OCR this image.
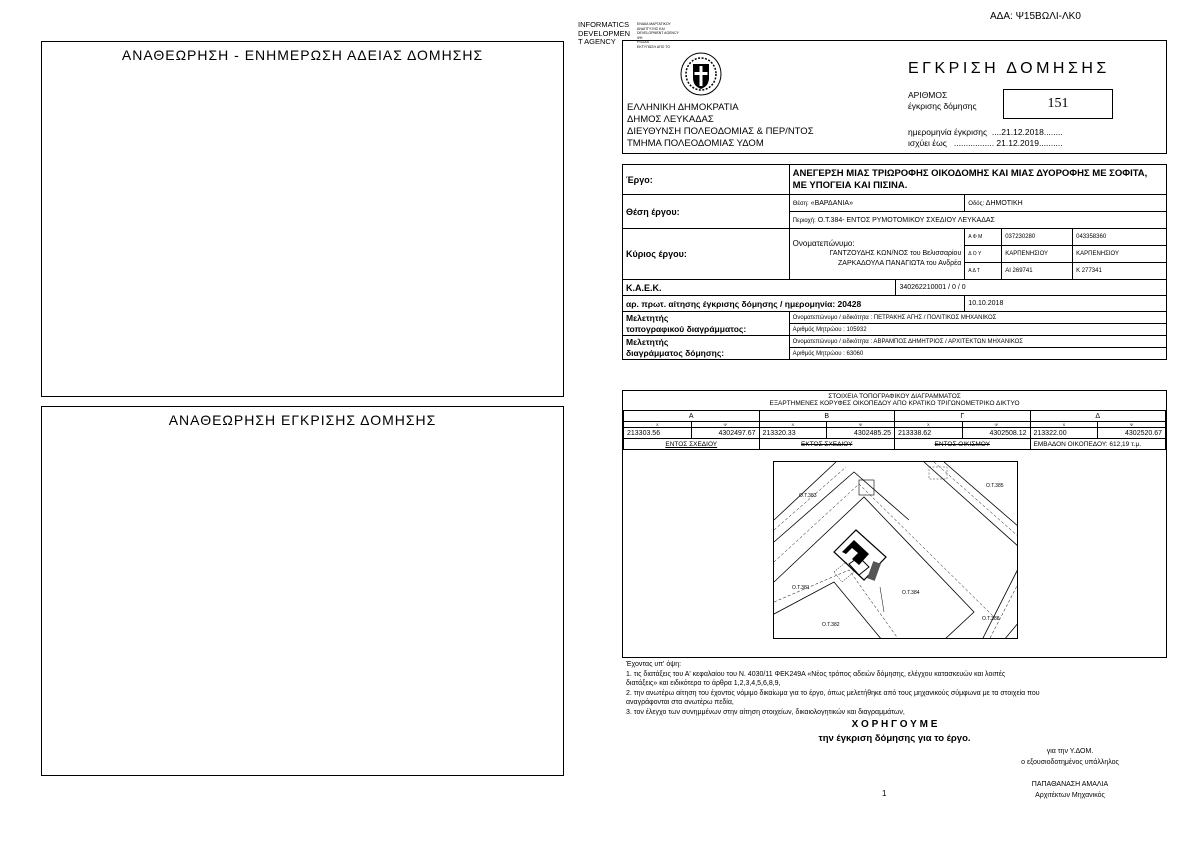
ΑΔΑ: Ψ15ΒΩΛΙ-ΛΚ0
ΑΝΑΘΕΩΡΗΣΗ - ΕΝΗΜΕΡΩΣΗ ΑΔΕΙΑΣ ΔΟΜΗΣΗΣ
ΑΝΑΘΕΩΡΗΣΗ ΕΓΚΡΙΣΗΣ ΔΟΜΗΣΗΣ
INFORMATICS
DEVELOPMEN
T AGENCY
ΕΝΙΑΙΑ ΜΑΡΓΑΤΙΚΟΥ
ΑΝΑΠΤΥΞΗΣ ΚΑΙ
DEVELOPMENT AGENCY
ΨΗ
PSGAS
ΕΚΤΥΠΩΣΗ ΑΠΟ ΤΟ
ΕΛΛΗΝΙΚΗ ΔΗΜΟΚΡΑΤΙΑ
ΔΗΜΟΣ ΛΕΥΚΑΔΑΣ
ΔΙΕΥΘΥΝΣΗ ΠΟΛΕΟΔΟΜΙΑΣ & ΠΕΡ/ΝΤΟΣ
ΤΜΗΜΑ ΠΟΛΕΟΔΟΜΙΑΣ ΥΔΟΜ
ΕΓΚΡΙΣΗ ΔΟΜΗΣΗΣ
ΑΡΙΘΜΟΣ
έγκρισης δόμησης	151
ημερομηνία έγκρισης ....21.12.2018........
ισχύει έως ................. 21.12.2019..........
Έργο:	ΑΝΕΓΕΡΣΗ ΜΙΑΣ ΤΡΙΩΡΟΦΗΣ ΟΙΚΟΔΟΜΗΣ ΚΑΙ ΜΙΑΣ ΔΥΟΡΟΦΗΣ ΜΕ ΣΟΦΙΤΑ, ΜΕ ΥΠΟΓΕΙΑ ΚΑΙ ΠΙΣΙΝΑ.				
Θέση έργου:	Θέση: «ΒΑΡΔΑΝΙΑ»		Οδός: ΔΗΜΟΤΙΚΗ		
	Περιοχή: Ο.Τ.384- ΕΝΤΟΣ ΡΥΜΟΤΟΜΙΚΟΥ ΣΧΕΔΙΟΥ ΛΕΥΚΑΔΑΣ				
Κύριος έργου:	Ονοματεπώνυμο:
ΓΑΝΤΖΟΥΔΗΣ ΚΩΝ/ΝΟΣ του Βελισσαρίου
ΖΑΡΚΑΔΟΥΛΑ ΠΑΝΑΓΙΩΤΑ του Ανδρέα		Α Φ Μ	037230280	043358360
			Δ Ο Υ	ΚΑΡΠΕΝΗΣΙΟΥ	ΚΑΡΠΕΝΗΣΙΟΥ
			Α Δ Τ	ΑΙ 269741	Κ 277341
Κ.Α.Ε.Κ.		340262210001 / 0 / 0			
αρ. πρωτ. αίτησης έγκρισης δόμησης / ημερομηνία: 20428			10.10.2018		

Μελετητής
τοπογραφικού διαγράμματος:	Ονοματεπώνυμο / ειδικότητα : ΠΕΤΡΑΚΗΣ ΑΓΗΣ / ΠΟΛΙΤΙΚΟΣ ΜΗΧΑΝΙΚΟΣ				
	Αριθμός Μητρώου : 105932				

Μελετητής
διαγράμματος δόμησης:	Ονοματεπώνυμο / ειδικότητα : ΑΒΡΑΜΠΟΣ ΔΗΜΗΤΡΙΟΣ / ΑΡΧΙΤΕΚΤΩΝ ΜΗΧΑΝΙΚΟΣ				
	Αριθμός Μητρώου : 63060				
ΣΤΟΙΧΕΙΑ ΤΟΠΟΓΡΑΦΙΚΟΥ ΔΙΑΓΡΑΜΜΑΤΟΣ
ΕΞΑΡΤΗΜΕΝΕΣ ΚΟΡΥΦΕΣ ΟΙΚΟΠΕΔΟΥ ΑΠΟ ΚΡΑΤΙΚΟ ΤΡΙΓΩΝΟΜΕΤΡΙΚΟ ΔΙΚΤΥΟ
Α		Β		Γ		Δ	
Χ	Ψ	Χ	Ψ	Χ	Ψ	Χ	Ψ
213303.56	4302497.67	213320.33	4302485.25	213338.62	4302508.12	213322.00	4302520.67
ΕΝΤΟΣ ΣΧΕΔΙΟΥ		ΕΚΤΟΣ ΣΧΕΔΙΟΥ		ΕΝΤΟΣ ΟΙΚΙΣΜΟΥ		ΕΜΒΑΔΟΝ ΟΙΚΟΠΕΔΟΥ: 612,19 τ.μ.	
Ο.Τ.383
Ο.Τ.385
Ο.Τ.381
Ο.Τ.384
Ο.Τ.382
Ο.Τ.388
Έχοντας υπ' όψη:
1. τις διατάξεις του Α' κεφαλαίου του Ν. 4030/11 ΦΕΚ249Α «Νέος τρόπος αδειών δόμησης, ελέγχου κατασκευών και λοιπές
διατάξεις» και ειδικότερα το άρθρα 1,2,3,4,5,6,8,9,
2. την ανωτέρω αίτηση του έχοντος νόμιμο δικαίωμα για το έργο, όπως μελετήθηκε από τους μηχανικούς σύμφωνα με τα στοιχεία που
αναγράφονται στα ανωτέρω πεδία,
3. τον έλεγχο των συνημμένων στην αίτηση στοιχείων, δικαιολογητικών και διαγραμμάτων,
Χ Ο Ρ Η Γ Ο Υ Μ Ε
την έγκριση δόμησης για το έργο.
για την Υ.ΔΟΜ.
ο εξουσιοδοτημένος υπάλληλος
ΠΑΠΑΘΑΝΑΣΗ ΑΜΑΛΙΑ
Αρχιτέκτων Μηχανικός
1
